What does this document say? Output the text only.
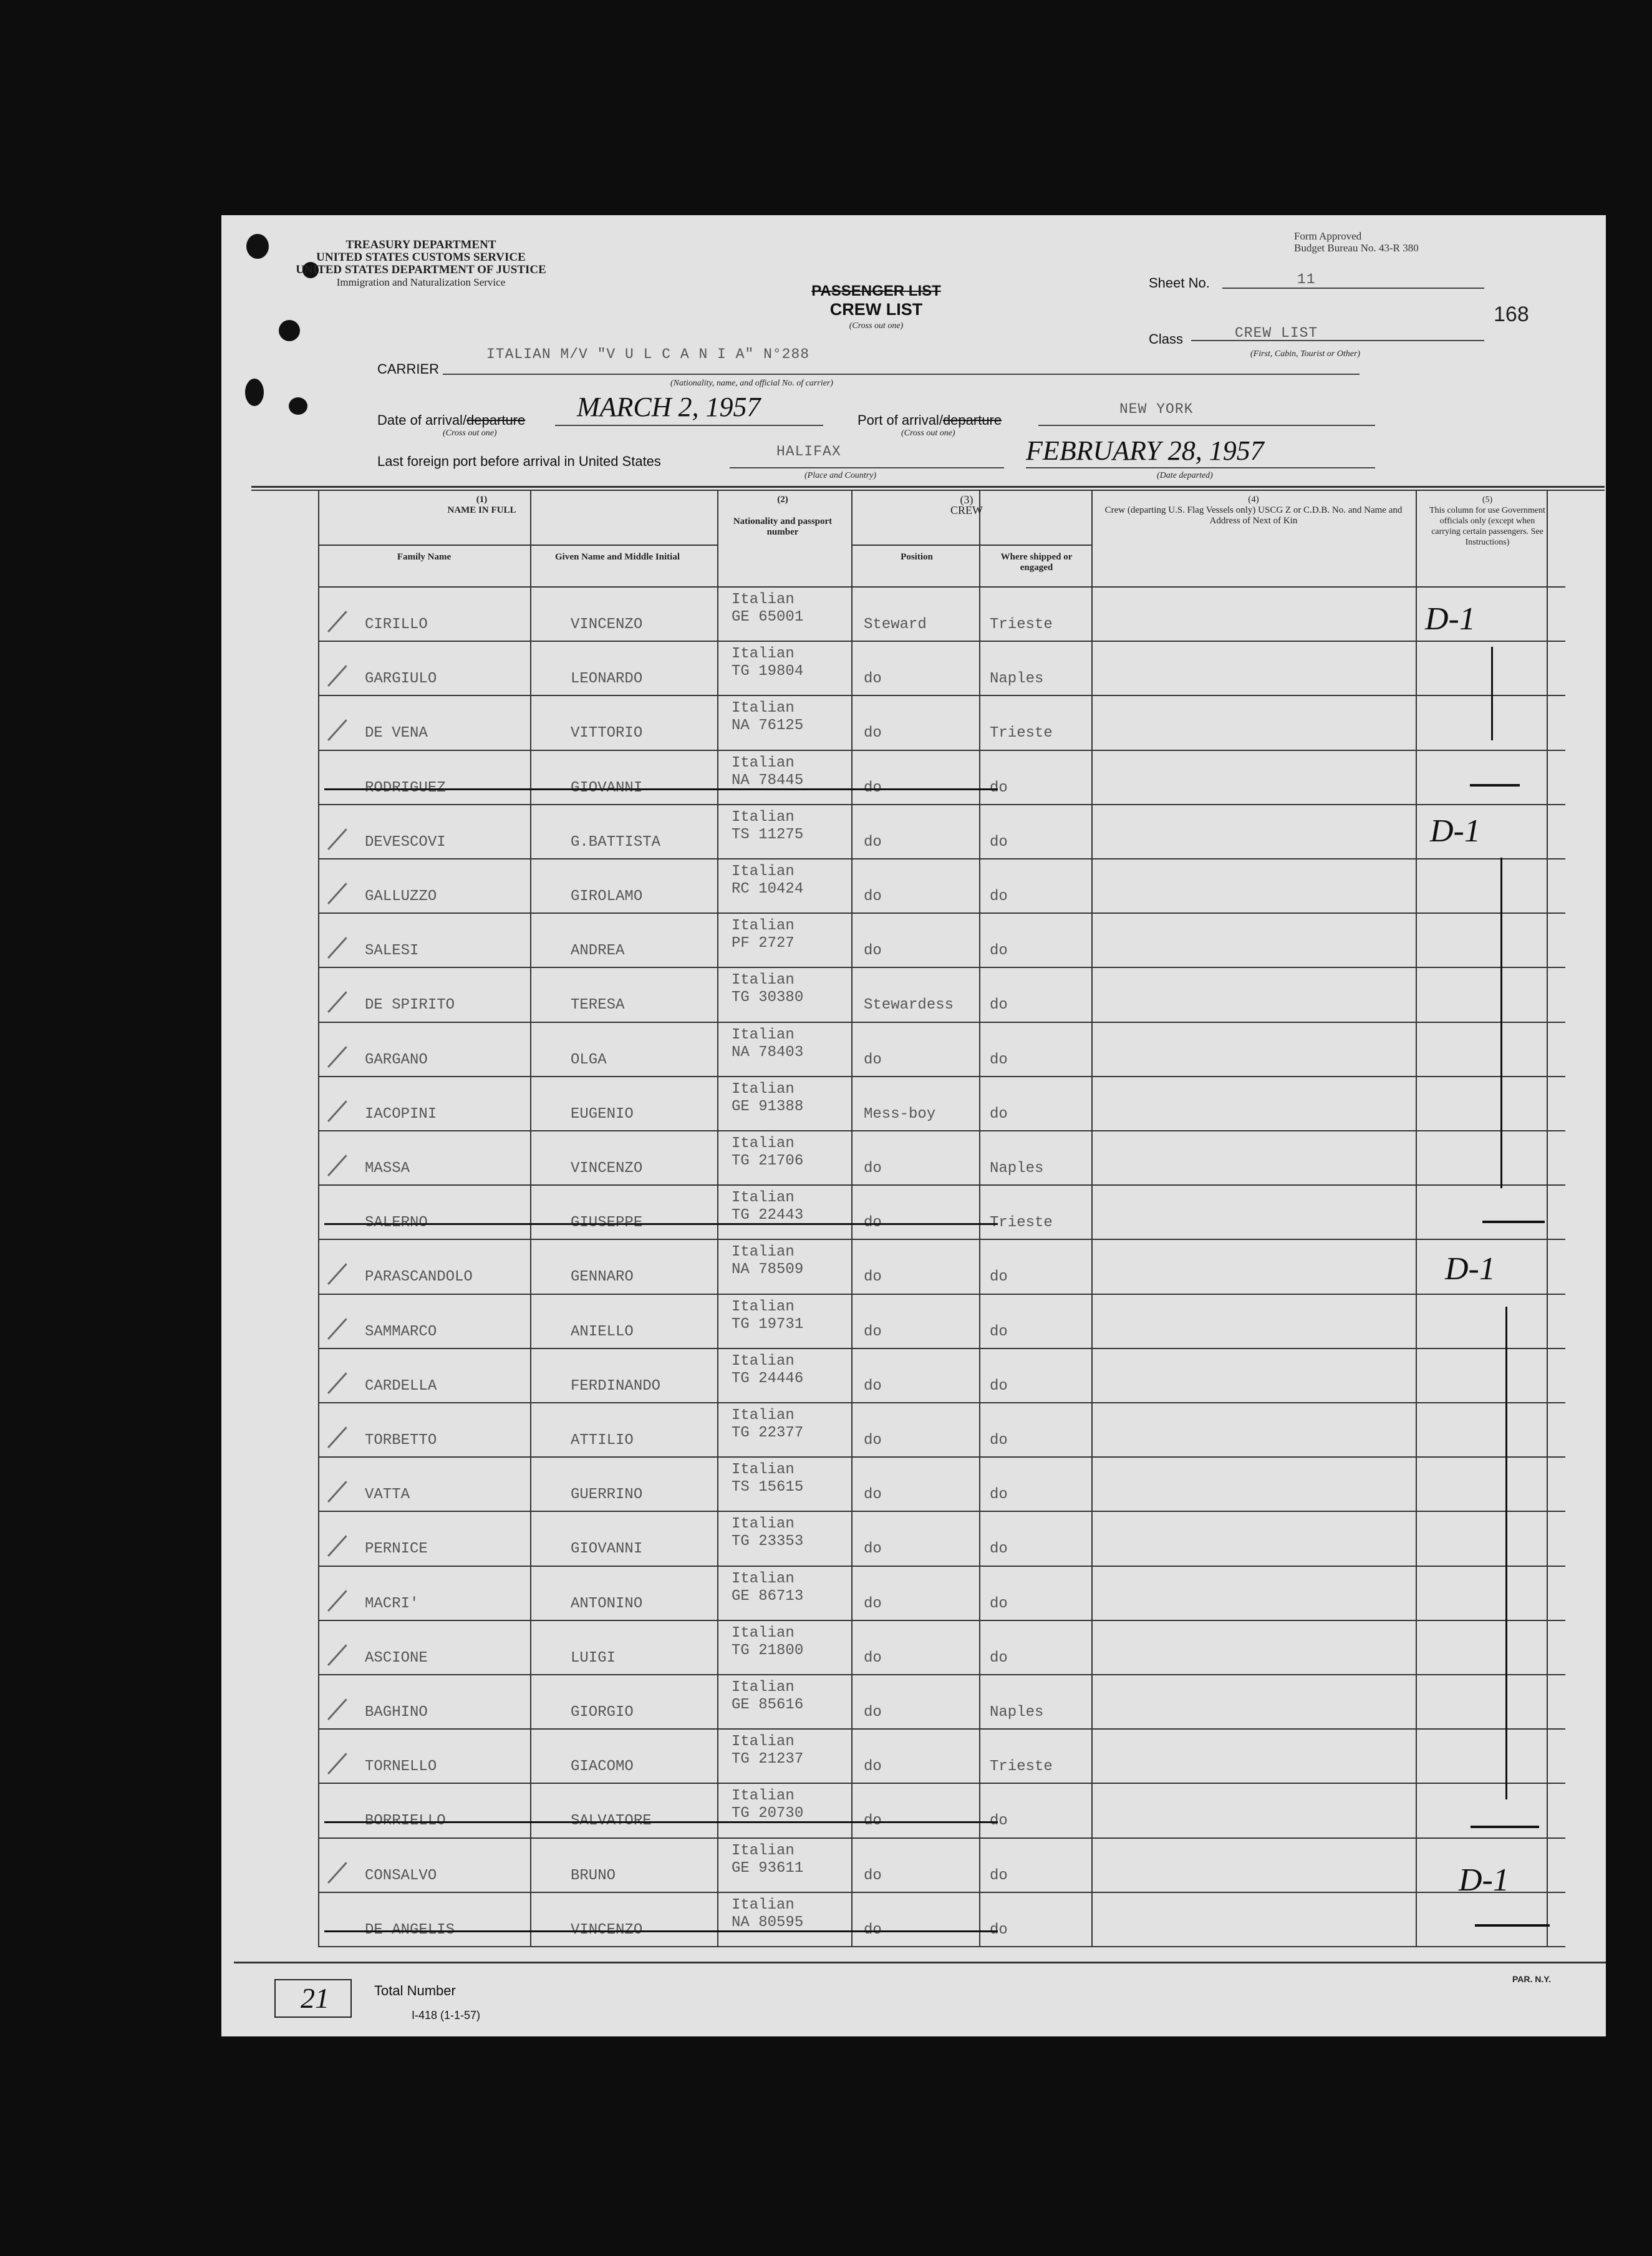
TREASURY DEPARTMENT
UNITED STATES CUSTOMS SERVICE
UNITED STATES DEPARTMENT OF JUSTICE
Immigration and Naturalization Service
Form Approved
Budget Bureau No. 43-R 380
PASSENGER LIST
CREW LIST
(Cross out one)
Sheet No.	11
168
Class	CREW LIST
(First, Cabin, Tourist or Other)
CARRIER
ITALIAN M/V "V U L C A N I A" N°288
(Nationality, name, and official No. of carrier)
Date of arrival/departure
(Cross out one)
MARCH 2, 1957	Port of arrival/departure
(Cross out one)
NEW YORK
Last foreign port before arrival in United States
HALIFAX
(Place and Country)
FEBRUARY 28, 1957
(Date departed)
(1)
NAME IN FULL
Family Name	Given Name and Middle Initial
(2)
Nationality and passport number
(3)
CREW
Position	Where shipped or engaged
(4)
Crew (departing U.S. Flag Vessels only) USCG Z or C.D.B. No. and Name and Address of Next of Kin
(5)
This column for use Government officials only (except when carrying certain passengers. See Instructions)
CIRILLO	VINCENZO
Italian
GE 65001	Steward	Trieste
GARGIULO	LEONARDO
Italian
TG 19804	do	Naples
DE VENA	VITTORIO
Italian
NA 76125	do	Trieste
RODRIGUEZ	GIOVANNI
Italian
NA 78445	do	do
DEVESCOVI	G.BATTISTA
Italian
TS 11275	do	do
GALLUZZO	GIROLAMO
Italian
RC 10424	do	do
SALESI	ANDREA
Italian
PF 2727	do	do
DE SPIRITO	TERESA
Italian
TG 30380	Stewardess do
GARGANO	OLGA
Italian
NA 78403	do	do
IACOPINI	EUGENIO
Italian
GE 91388	Mess-boy	do
MASSA	VINCENZO
Italian
TG 21706	do	Naples
SALERNO	GIUSEPPE
Italian
TG 22443	do	Trieste
PARASCANDOLO	GENNARO
Italian
NA 78509	do	do
SAMMARCO	ANIELLO
Italian
TG 19731	do	do
CARDELLA	FERDINANDO
Italian
TG 24446	do	do
TORBETTO	ATTILIO
Italian
TG 22377	do	do
VATTA	GUERRINO
Italian
TS 15615	do	do
PERNICE	GIOVANNI
Italian
TG 23353	do	do
MACRI'	ANTONINO
Italian
GE 86713	do	do
ASCIONE	LUIGI
Italian
TG 21800	do	do
BAGHINO	GIORGIO
Italian
GE 85616	do	Naples
TORNELLO	GIACOMO
Italian
TG 21237	do	Trieste
BORRIELLO	SALVATORE
Italian
TG 20730	do	do
CONSALVO	BRUNO
Italian
GE 93611	do	do
DE ANGELIS	VINCENZO
Italian
NA 80595	do	do
D-1
D-1
D-1
D-1
21	Total Number
I-418 (1-1-57)
PAR. N.Y.
